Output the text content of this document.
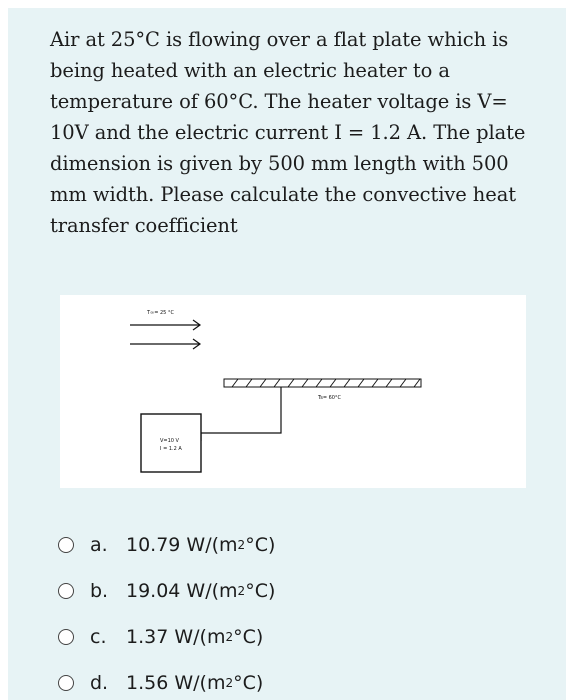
Air at 25°C is flowing over a flat plate which is being heated with an electric heater to a temperature of 60°C. The heater voltage is V= 10V and the electric current I = 1.2 A. The plate dimension is given by 500 mm length with 500 mm width. Please calculate the convective heat transfer coefficient
T∞= 25 °C
Ts= 60°C
V=10 V
I = 1.2 A
a. 10.79 W/(m 2 °C)
b. 19.04 W/(m 2 °C)
c.	1.37 W/(m 2 °C)
d. 1.56 W/(m 2 °C)
